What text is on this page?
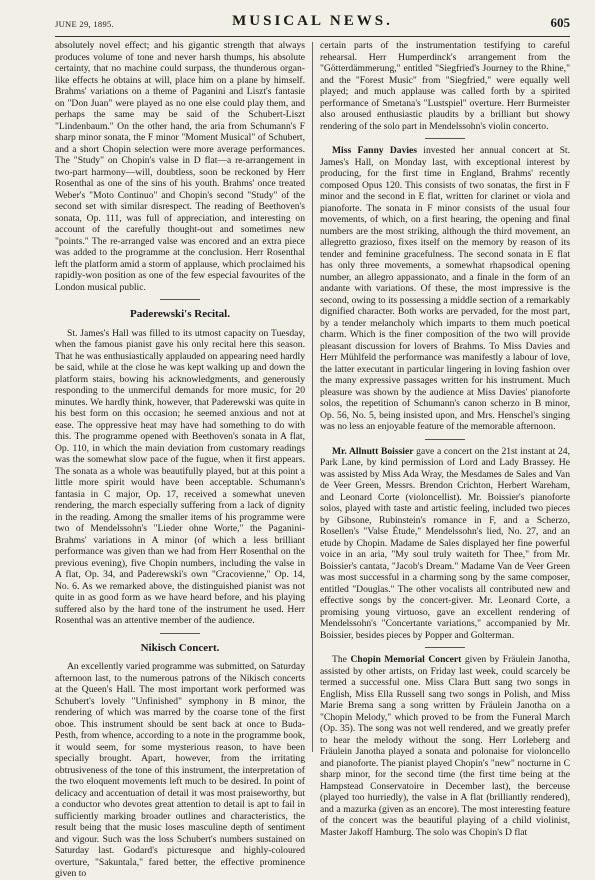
JUNE 29, 1895.	MUSICAL NEWS.	605

absolutely novel effect; and his gigantic strength that always produces volume of tone and never harsh thumps, his absolute certainty, that no machine could surpass, the thunderous organ-like effects he obtains at will, place him on a plane by himself. Brahms' variations on a theme of Paganini and Liszt's fantasie on "Don Juan" were played as no one else could play them, and perhaps the same may be said of the Schubert-Liszt "Lindenbaum." On the other hand, the aria from Schumann's F sharp minor sonata, the F minor "Moment Musical" of Schubert, and a short Chopin selection were more average performances. The "Study" on Chopin's valse in D flat—a re-arrangement in two-part harmony—will, doubtless, soon be reckoned by Herr Rosenthal as one of the sins of his youth. Brahms' once treated Weber's "Moto Continuo" and Chopin's second "Study" of the second set with similar disrespect. The reading of Beethoven's sonata, Op. 111, was full of appreciation, and interesting on account of the carefully thought-out and sometimes new "points." The re-arranged valse was encored and an extra piece was added to the programme at the conclusion. Herr Rosenthal left the platform amid a storm of applause, which proclaimed his rapidly-won position as one of the few especial favourites of the London musical public.

Paderewski's Recital.

St. James's Hall was filled to its utmost capacity on Tuesday, when the famous pianist gave his only recital here this season. That he was enthusiastically applauded on appearing need hardly be said, while at the close he was kept walking up and down the platform stairs, bowing his acknowledgments, and generously responding to the unmerciful demands for more music, for 20 minutes. We hardly think, however, that Paderewski was quite in his best form on this occasion; he seemed anxious and not at ease. The oppressive heat may have had something to do with this. The programme opened with Beethoven's sonata in A flat, Op. 110, in which the main deviation from customary readings was the somewhat slow pace of the fugue, when it first appears. The sonata as a whole was beautifully played, but at this point a little more spirit would have been acceptable. Schumann's fantasia in C major, Op. 17, received a somewhat uneven rendering, the march especially suffering from a lack of dignity in the reading. Among the smaller items of his programme were two of Mendelssohn's "Lieder ohne Worte," the Paganini-Brahms' variations in A minor (of which a less brilliant performance was given than we had from Herr Rosenthal on the previous evening), five Chopin numbers, including the valse in A flat, Op. 34, and Paderewski's own "Cracovienne," Op. 14, No. 6. As we remarked above, the distinguished pianist was not quite in as good form as we have heard before, and his playing suffered also by the hard tone of the instrument he used. Herr Rosenthal was an attentive member of the audience.

Nikisch Concert.

An excellently varied programme was submitted, on Saturday afternoon last, to the numerous patrons of the Nikisch concerts at the Queen's Hall. The most important work performed was Schubert's lovely "Unfinished" symphony in B minor, the rendering of which was marred by the coarse tone of the first oboe. This instrument should be sent back at once to Buda-Pesth, from whence, according to a note in the programme book, it would seem, for some mysterious reason, to have been specially brought. Apart, however, from the irritating obtrusiveness of the tone of this instrument, the interpretation of the two eloquent movements left much to be desired. In point of delicacy and accentuation of detail it was most praiseworthy, but a conductor who devotes great attention to detail is apt to fail in sufficiently marking broader outlines and characteristics, the result being that the music loses masculine depth of sentiment and vigour. Such was the loss Schubert's numbers sustained on Saturday last. Godard's picturesque and highly-coloured overture, "Sakuntala," fared better, the effective prominence given to

certain parts of the instrumentation testifying to careful rehearsal. Herr Humperdinck's arrangement from the "Götterdämmerung," entitled "Siegfried's Journey to the Rhine," and the "Forest Music" from "Siegfried," were equally well played; and much applause was called forth by a spirited performance of Smetana's "Lustspiel" overture. Herr Burmeister also aroused enthusiastic plaudits by a brilliant but showy rendering of the solo part in Mendelssohn's violin concerto.

Miss Fanny Davies invested her annual concert at St. James's Hall, on Monday last, with exceptional interest by producing, for the first time in England, Brahms' recently composed Opus 120. This consists of two sonatas, the first in F minor and the second in E flat, written for clarinet or viola and pianoforte. The sonata in F minor consists of the usual four movements, of which, on a first hearing, the opening and final numbers are the most striking, although the third movement, an allegretto grazioso, fixes itself on the memory by reason of its tender and feminine gracefulness. The second sonata in E flat has only three movements, a somewhat rhapsodical opening number, an allegro appassionato, and a finale in the form of an andante with variations. Of these, the most impressive is the second, owing to its possessing a middle section of a remarkably dignified character. Both works are pervaded, for the most part, by a tender melancholy which imparts to them much poetical charm. Which is the finer composition of the two will provide pleasant discussion for lovers of Brahms. To Miss Davies and Herr Mühlfeld the performance was manifestly a labour of love, the latter executant in particular lingering in loving fashion over the many expressive passages written for his instrument. Much pleasure was shown by the audience at Miss Davies' pianoforte solos, the repetition of Schumann's canon scherzo in B minor, Op. 56, No. 5, being insisted upon, and Mrs. Henschel's singing was no less an enjoyable feature of the memorable afternoon.

Mr. Allnutt Boissier gave a concert on the 21st instant at 24, Park Lane, by kind permission of Lord and Lady Brassey. He was assisted by Miss Ada Wray, the Mesdames de Sales and Van de Veer Green, Messrs. Brendon Crichton, Herbert Wareham, and Leonard Corte (violoncellist). Mr. Boissier's pianoforte solos, played with taste and artistic feeling, included two pieces by Gibsone, Rubinstein's romance in F, and a Scherzo, Rosellen's "Valse Étude," Mendelssohn's lied, No. 27, and an etude by Chopin. Madame de Sales displayed her fine powerful voice in an aria, "My soul truly waiteth for Thee," from Mr. Boissier's cantata, "Jacob's Dream." Madame Van de Veer Green was most successful in a charming song by the same composer, entitled "Douglas." The other vocalists all contributed new and effective songs by the concert-giver. Mr. Leonard Corte, a promising young virtuoso, gave an excellent rendering of Mendelssohn's "Concertante variations," accompanied by Mr. Boissier, besides pieces by Popper and Golterman.

The Chopin Memorial Concert given by Fräulein Janotha, assisted by other artists, on Friday last week, could scarcely be termed a successful one. Miss Clara Butt sang two songs in English, Miss Ella Russell sang two songs in Polish, and Miss Marie Brema sang a song written by Fräulein Janotha on a "Chopin Melody," which proved to be from the Funeral March (Op. 35). The song was not well rendered, and we greatly prefer to hear the melody without the song. Herr Lorleberg and Fräulein Janotha played a sonata and polonaise for violoncello and pianoforte. The pianist played Chopin's "new" nocturne in C sharp minor, for the second time (the first time being at the Hampstead Conservatoire in December last), the berceuse (played too hurriedly), the valse in A flat (brilliantly rendered), and a mazurka (given as an encore). The most interesting feature of the concert was the beautiful playing of a child violinist, Master Jakoff Hamburg. The solo was Chopin's D flat
